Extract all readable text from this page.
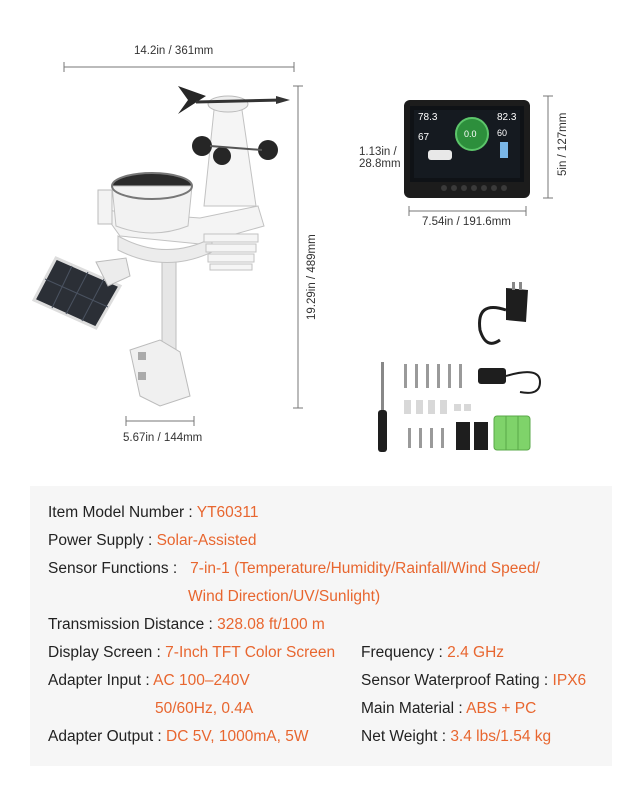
14.2in / 361mm
19.29in / 489mm
5.67in / 144mm
1.13in /
28.8mm	5in / 127mm
7.54in / 191.6mm
78.3
67
82.3
60
0.0
Item Model Number : YT60311
Power Supply : Solar-Assisted
Sensor Functions :   7-in-1 (Temperature/Humidity/Rainfall/Wind Speed/
Wind Direction/UV/Sunlight)
Transmission Distance : 328.08 ft/100 m
Display Screen : 7-Inch TFT Color Screen Frequency : 2.4 GHz
Adapter Input : AC 100–240V
50/60Hz, 0.4A
Sensor Waterproof Rating : IPX6
Main Material : ABS + PC
Adapter Output : DC 5V, 1000mA, 5W	Net Weight : 3.4 lbs/1.54 kg
